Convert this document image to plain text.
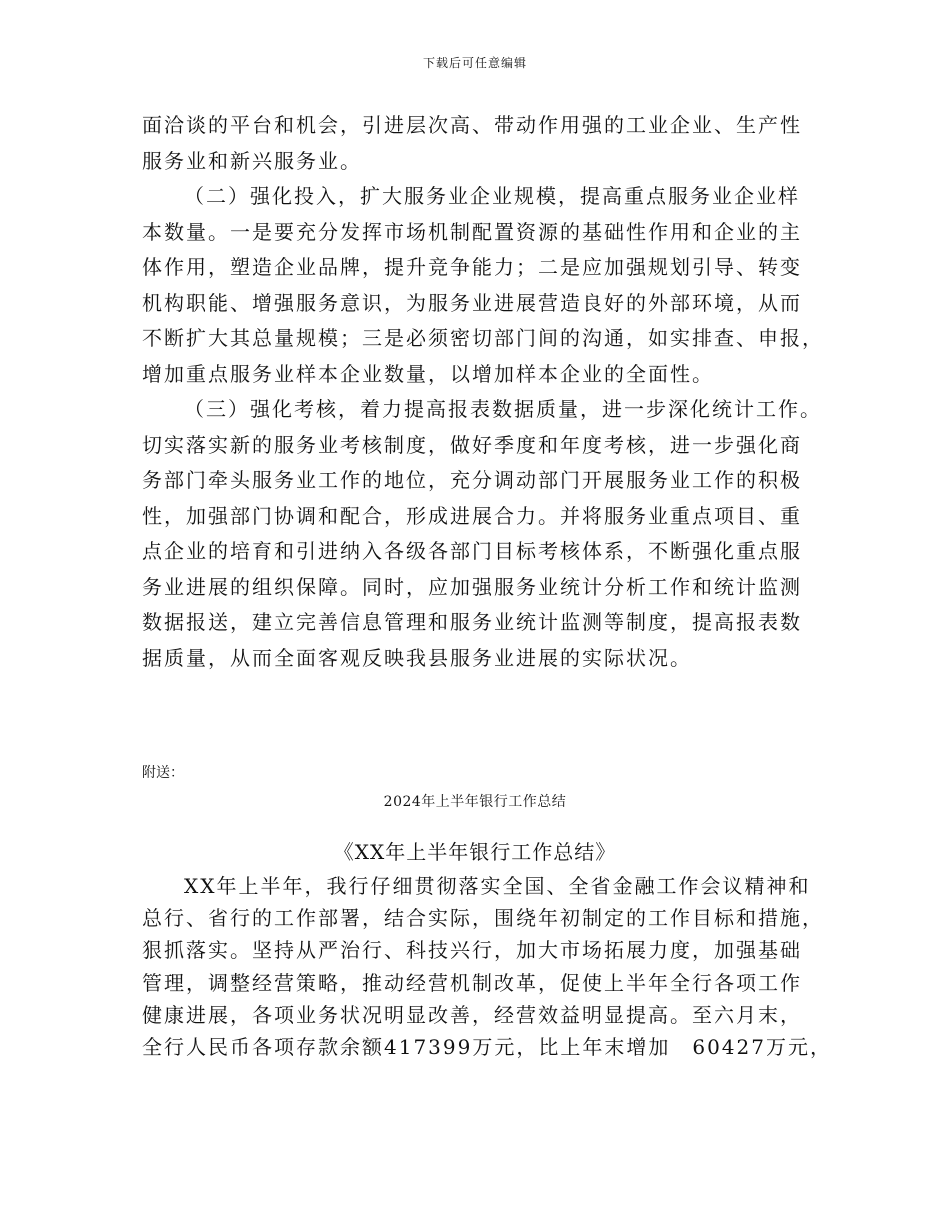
下载后可任意编辑
面洽谈的平台和机会，引进层次高、带动作用强的工业企业、生产性
服务业和新兴服务业。
（二）强化投入，扩大服务业企业规模，提高重点服务业企业样
本数量。一是要充分发挥市场机制配置资源的基础性作用和企业的主
体作用，塑造企业品牌，提升竞争能力；二是应加强规划引导、转变
机构职能、增强服务意识，为服务业进展营造良好的外部环境，从而
不断扩大其总量规模；三是必须密切部门间的沟通，如实排查、申报，
增加重点服务业样本企业数量，以增加样本企业的全面性。
（三）强化考核，着力提高报表数据质量，进一步深化统计工作。
切实落实新的服务业考核制度，做好季度和年度考核，进一步强化商
务部门牵头服务业工作的地位，充分调动部门开展服务业工作的积极
性，加强部门协调和配合，形成进展合力。并将服务业重点项目、重
点企业的培育和引进纳入各级各部门目标考核体系，不断强化重点服
务业进展的组织保障。同时，应加强服务业统计分析工作和统计监测
数据报送，建立完善信息管理和服务业统计监测等制度，提高报表数
据质量，从而全面客观反映我县服务业进展的实际状况。
附送：
2024年上半年银行工作总结
《XX年上半年银行工作总结》
XX年上半年，我行仔细贯彻落实全国、全省金融工作会议精神和
总行、省行的工作部署，结合实际，围绕年初制定的工作目标和措施，
狠抓落实。坚持从严治行、科技兴行，加大市场拓展力度，加强基础
管理，调整经营策略，推动经营机制改革，促使上半年全行各项工作
健康进展，各项业务状况明显改善，经营效益明显提高。至六月末，
全行人民币各项存款余额417399万元，比上年末增加　60427万元，
